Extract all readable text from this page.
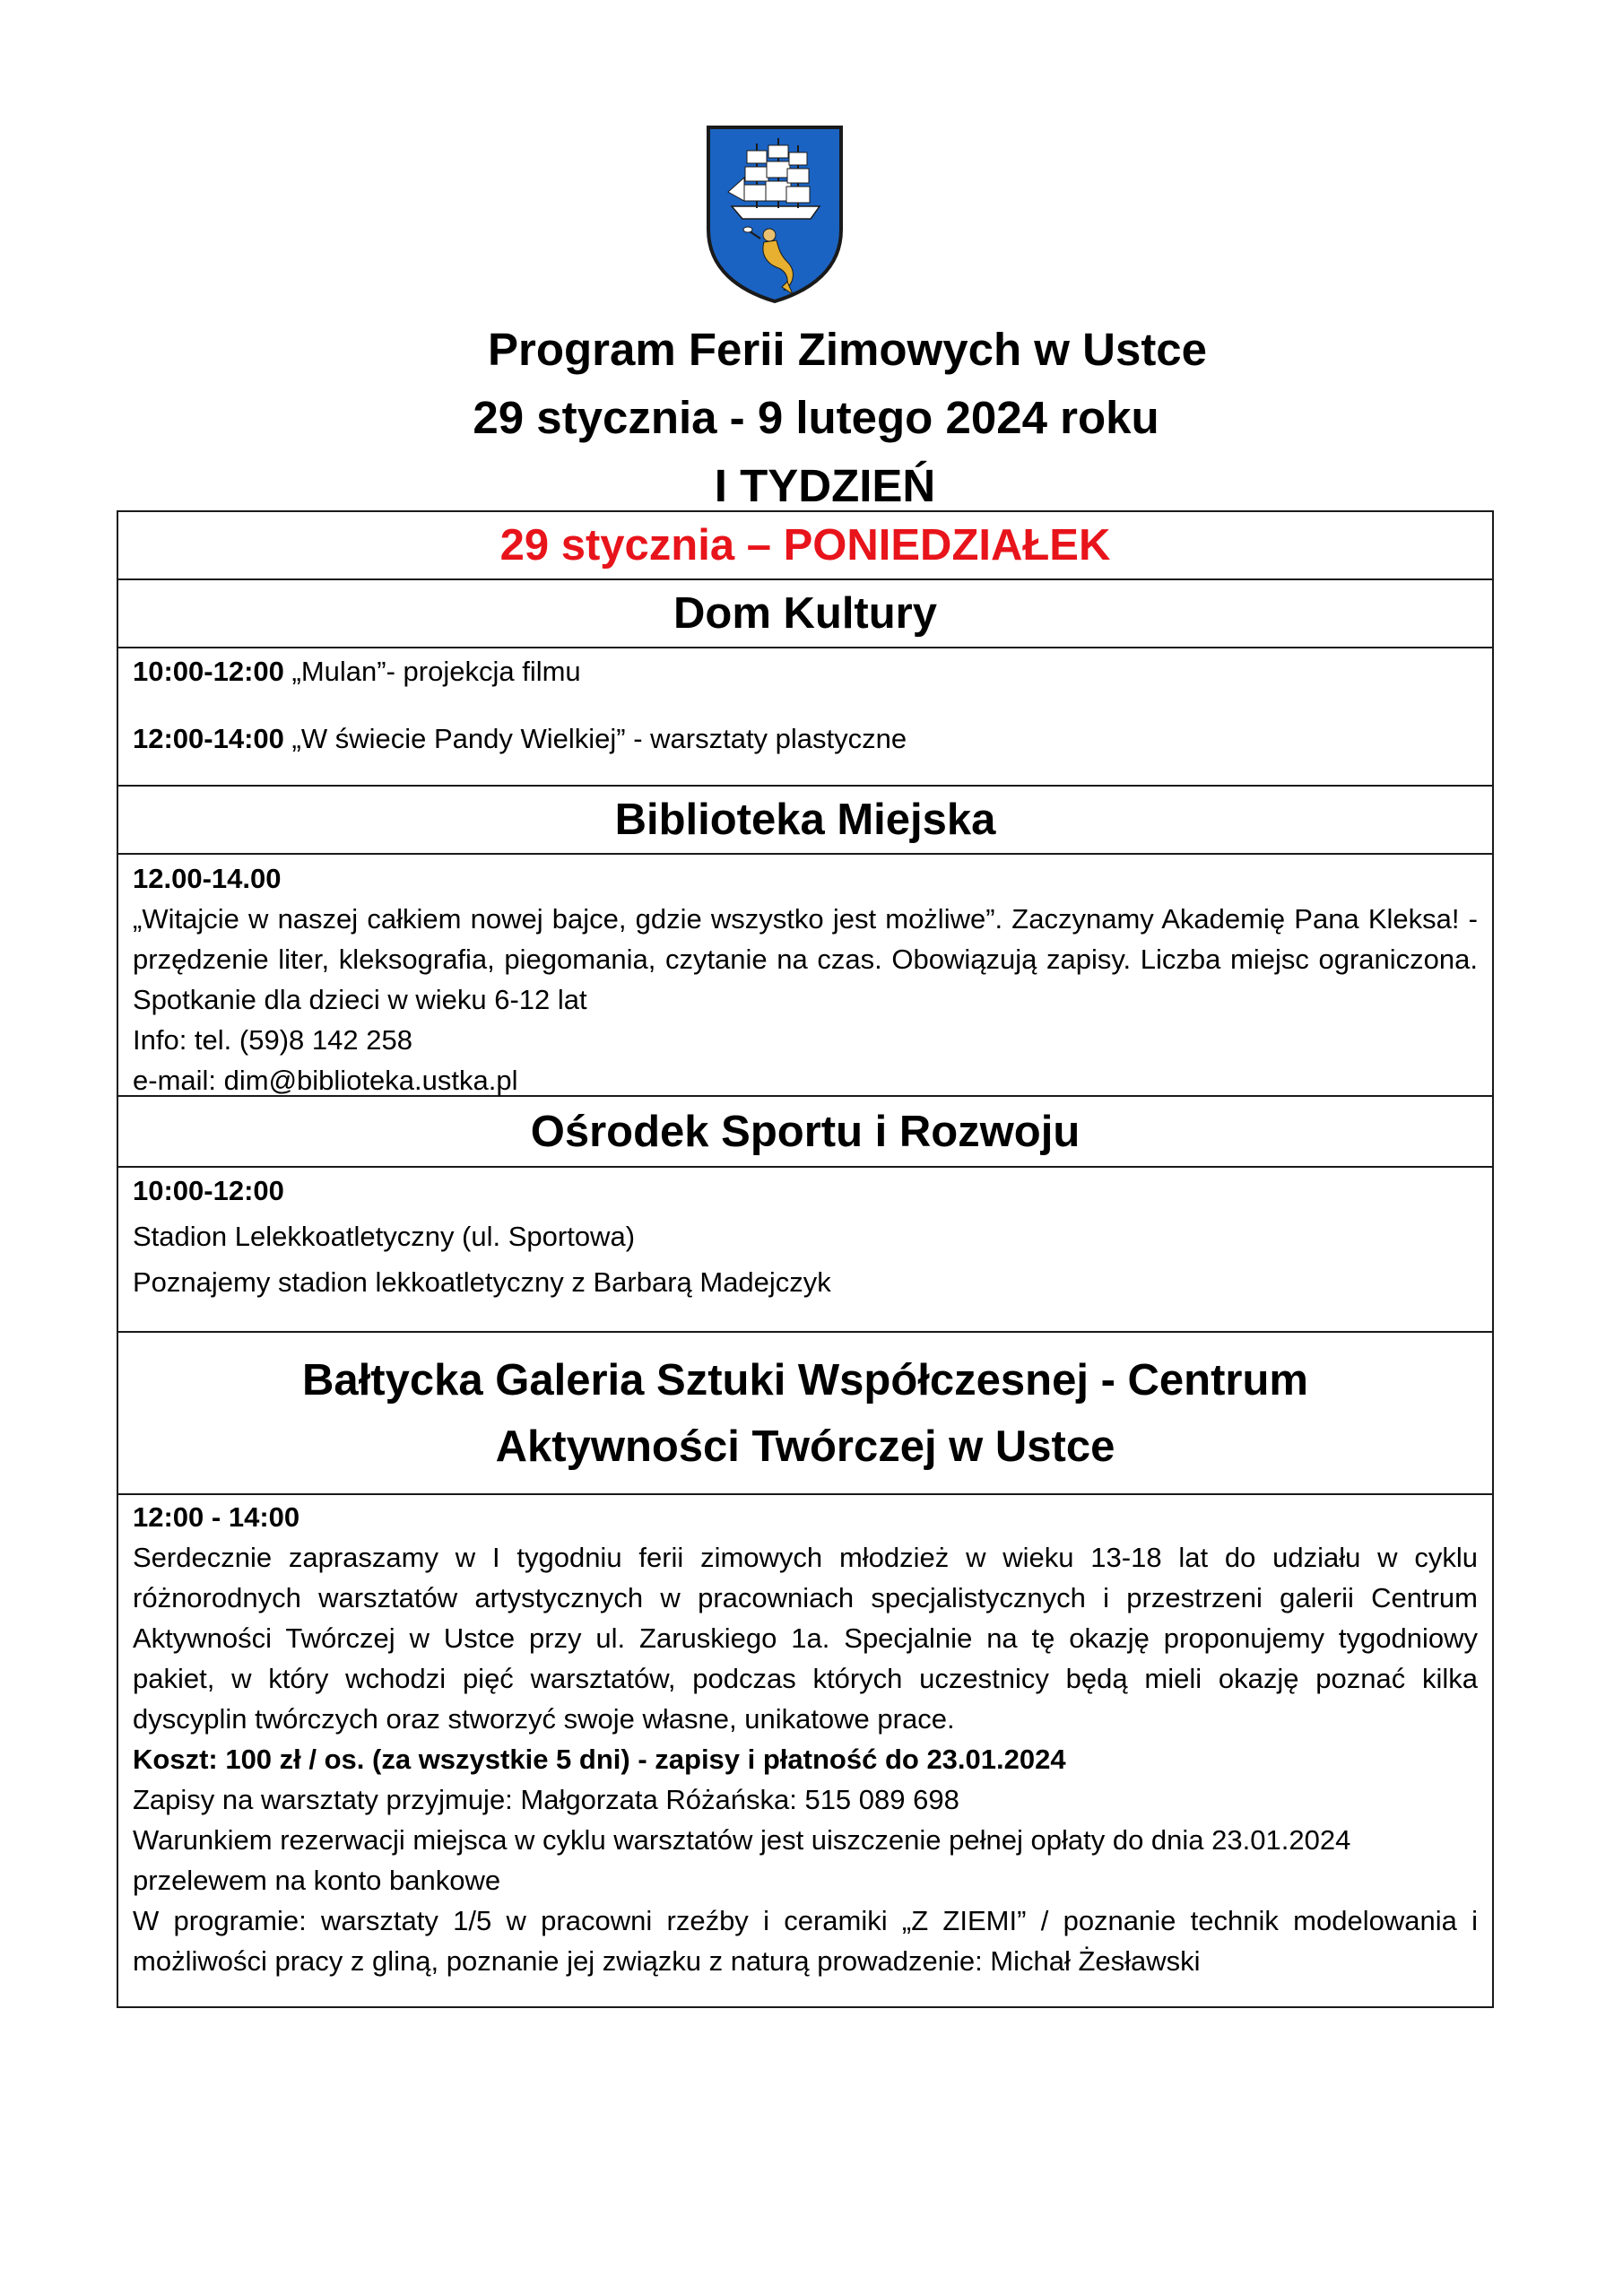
Program Ferii Zimowych w Ustce
29 stycznia - 9 lutego 2024 roku
I TYDZIEŃ
29 stycznia – PONIEDZIAŁEK
Dom Kultury
10:00-12:00 „Mulan”- projekcja filmu
12:00-14:00 „W świecie Pandy Wielkiej” - warsztaty plastyczne
Biblioteka Miejska
12.00-14.00
„Witajcie w naszej całkiem nowej bajce, gdzie wszystko jest możliwe”. Zaczynamy Akademię Pana Kleksa! - przędzenie liter, kleksografia, piegomania, czytanie na czas. Obowiązują zapisy. Liczba miejsc ograniczona. Spotkanie dla dzieci w wieku 6-12 lat
Info: tel. (59)8 142 258
e-mail: dim@biblioteka.ustka.pl
Ośrodek Sportu i Rozwoju
10:00-12:00
Stadion Lelekkoatletyczny (ul. Sportowa)
Poznajemy stadion lekkoatletyczny z Barbarą Madejczyk
Bałtycka Galeria Sztuki Współczesnej - Centrum
Aktywności Twórczej w Ustce
12:00 - 14:00
Serdecznie zapraszamy w I tygodniu ferii zimowych młodzież w wieku 13-18 lat do udziału w cyklu różnorodnych warsztatów artystycznych w pracowniach specjalistycznych i przestrzeni galerii Centrum Aktywności Twórczej w Ustce przy ul. Zaruskiego 1a. Specjalnie na tę okazję proponujemy tygodniowy pakiet, w który wchodzi pięć warsztatów, podczas których uczestnicy będą mieli okazję poznać kilka dyscyplin twórczych oraz stworzyć swoje własne, unikatowe prace.
Koszt: 100 zł / os. (za wszystkie 5 dni) - zapisy i płatność do 23.01.2024
Zapisy na warsztaty przyjmuje: Małgorzata Różańska: 515 089 698
Warunkiem rezerwacji miejsca w cyklu warsztatów jest uiszczenie pełnej opłaty do dnia 23.01.2024 przelewem na konto bankowe
W programie: warsztaty 1/5 w pracowni rzeźby i ceramiki „Z ZIEMI” / poznanie technik modelowania i możliwości pracy z gliną, poznanie jej związku z naturą prowadzenie: Michał Żesławski
